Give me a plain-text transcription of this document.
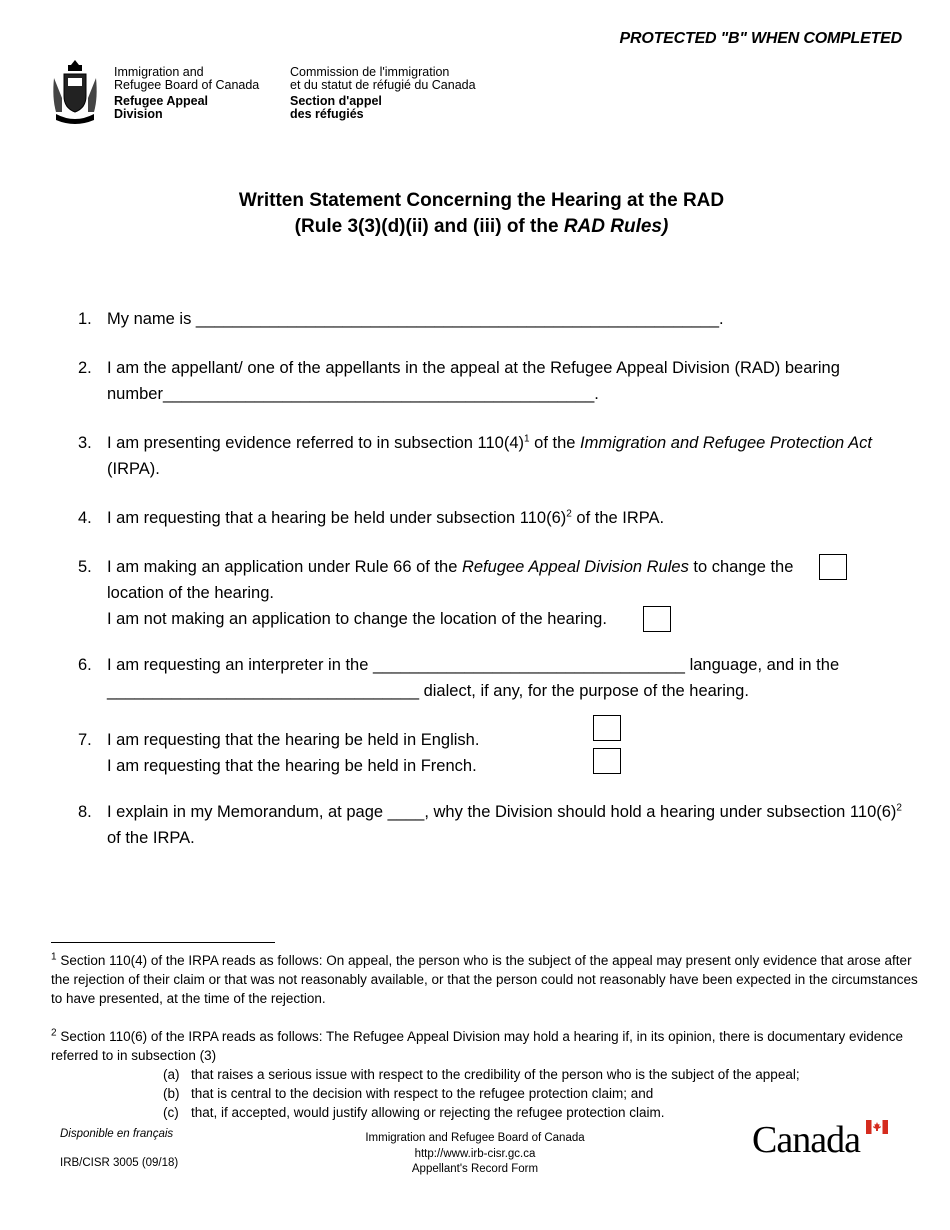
PROTECTED "B" WHEN COMPLETED
Immigration and
Refugee Board of Canada
Refugee Appeal
Division
Commission de l'immigration
et du statut de réfugié du Canada
Section d'appel
des réfugiés
Written Statement Concerning the Hearing at the RAD
(Rule 3(3)(d)(ii) and (iii) of the RAD Rules)
1. My name is _________________________________________________________.
2. I am the appellant/ one of the appellants in the appeal at the Refugee Appeal Division (RAD) bearing number_______________________________________________.
3. I am presenting evidence referred to in subsection $110(4)^1$ of the Immigration and Refugee Protection Act (IRPA).
4. I am requesting that a hearing be held under subsection $110(6)^2$ of the IRPA.
5. I am making an application under Rule 66 of the Refugee Appeal Division Rules to change the location of the hearing.
I am not making an application to change the location of the hearing.
6. I am requesting an interpreter in the __________________________________ language, and in the
__________________________________ dialect, if any, for the purpose of the hearing.
7. I am requesting that the hearing be held in English.
I am requesting that the hearing be held in French.
8. I explain in my Memorandum, at page ____, why the Division should hold a hearing under subsection $110(6)^2$ of the IRPA.
$^1$ Section 110(4) of the IRPA reads as follows: On appeal, the person who is the subject of the appeal may present only evidence that arose after the rejection of their claim or that was not reasonably available, or that the person could not reasonably have been expected in the circumstances to have presented, at the time of the rejection.
$^2$ Section 110(6) of the IRPA reads as follows: The Refugee Appeal Division may hold a hearing if, in its opinion, there is documentary evidence referred to in subsection (3)
(a) that raises a serious issue with respect to the credibility of the person who is the subject of the appeal;
(b) that is central to the decision with respect to the refugee protection claim; and
(c) that, if accepted, would justify allowing or rejecting the refugee protection claim.
Disponible en français
IRB/CISR 3005 (09/18)
Immigration and Refugee Board of Canada
http://www.irb-cisr.gc.ca
Appellant's Record Form
Canada
